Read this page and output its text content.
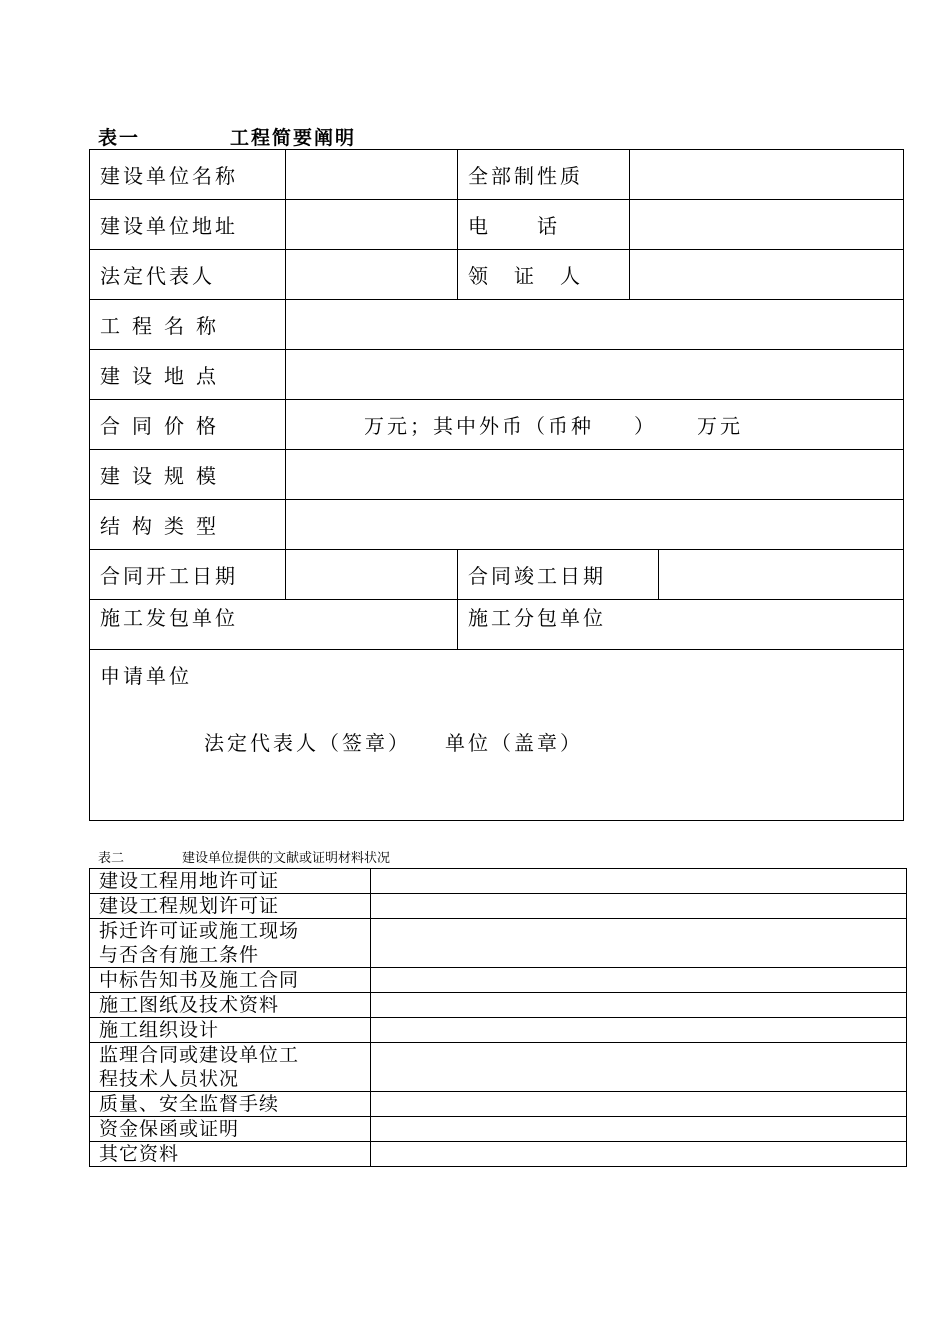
表一	工程简要阐明
建设单位名称		全部制性质		
建设单位地址		电　　话		
法定代表人		领　证　人		
工程名称				
建设地点				
合同价格	万元；其中外币（币种 ） 万元			
建设规模				
结构类型				
合同开工日期		合同竣工日期		
施工发包单位		施工分包单位		

申请单位
法定代表人（签章） 单位（盖章）				
表二	建设单位提供的文献或证明材料状况
建设工程用地许可证	
建设工程规划许可证	

拆迁许可证或施工现场
与否含有施工条件	

中标告知书及施工合同	
施工图纸及技术资料	
施工组织设计	

监理合同或建设单位工
程技术人员状况	

质量、安全监督手续	
资金保函或证明	
其它资料	
